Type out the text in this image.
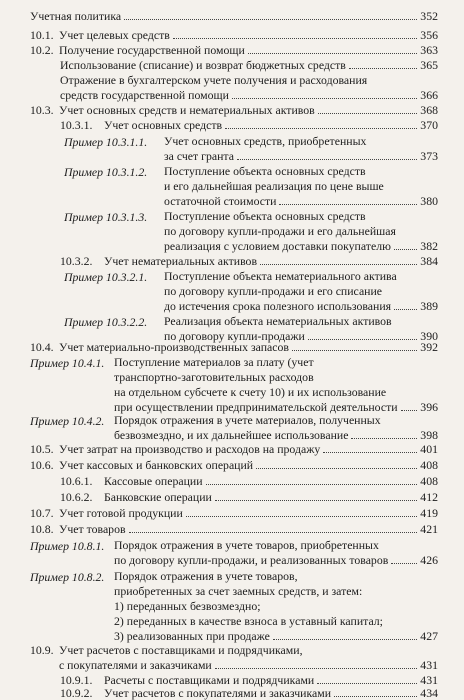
Учетная политика	352
10.1. Учет целевых средств	356
10.2. Получение государственной помощи	363
Использование (списание) и возврат бюджетных средств	365
Отражение в бухгалтерском учете получения и расходования
средств государственной помощи	366
10.3. Учет основных средств и нематериальных активов	368
10.3.1. Учет основных средств	370
Пример 10.3.1.1. Учет основных средств, приобретенных
за счет гранта	373
Пример 10.3.1.2. Поступление объекта основных средств
и его дальнейшая реализация по цене выше
остаточной стоимости	380
Пример 10.3.1.3. Поступление объекта основных средств
по договору купли-продажи и его дальнейшая
реализация с условием доставки покупателю 382
10.3.2. Учет нематериальных активов	384
Пример 10.3.2.1. Поступление объекта нематериального актива
по договору купли-продажи и его списание
до истечения срока полезного использования 389
Пример 10.3.2.2. Реализация объекта нематериальных активов
по договору купли-продажи	390
10.4. Учет материально-производственных запасов	392
Пример 10.4.1. Поступление материалов за плату (учет
транспортно-заготовительных расходов
на отдельном субсчете к счету 10) и их использование
при осуществлении предпринимательской деятельности 396
Пример 10.4.2. Порядок отражения в учете материалов, полученных
безвозмездно, и их дальнейшее использование	398
10.5. Учет затрат на производство и расходов на продажу	401
10.6. Учет кассовых и банковских операций	408
10.6.1. Кассовые операции	408
10.6.2. Банковские операции	412
10.7. Учет готовой продукции	419
10.8. Учет товаров	421
Пример 10.8.1. Порядок отражения в учете товаров, приобретенных
по договору купли-продажи, и реализованных товаров	426
Пример 10.8.2. Порядок отражения в учете товаров,
приобретенных за счет заемных средств, и затем:
1) переданных безвозмездно;
2) переданных в качестве взноса в уставный капитал;
3) реализованных при продаже	427
10.9. Учет расчетов с поставщиками и подрядчиками,
с покупателями и заказчиками	431
10.9.1. Расчеты с поставщиками и подрядчиками	431
10.9.2. Учет расчетов с покупателями и заказчиками	434
